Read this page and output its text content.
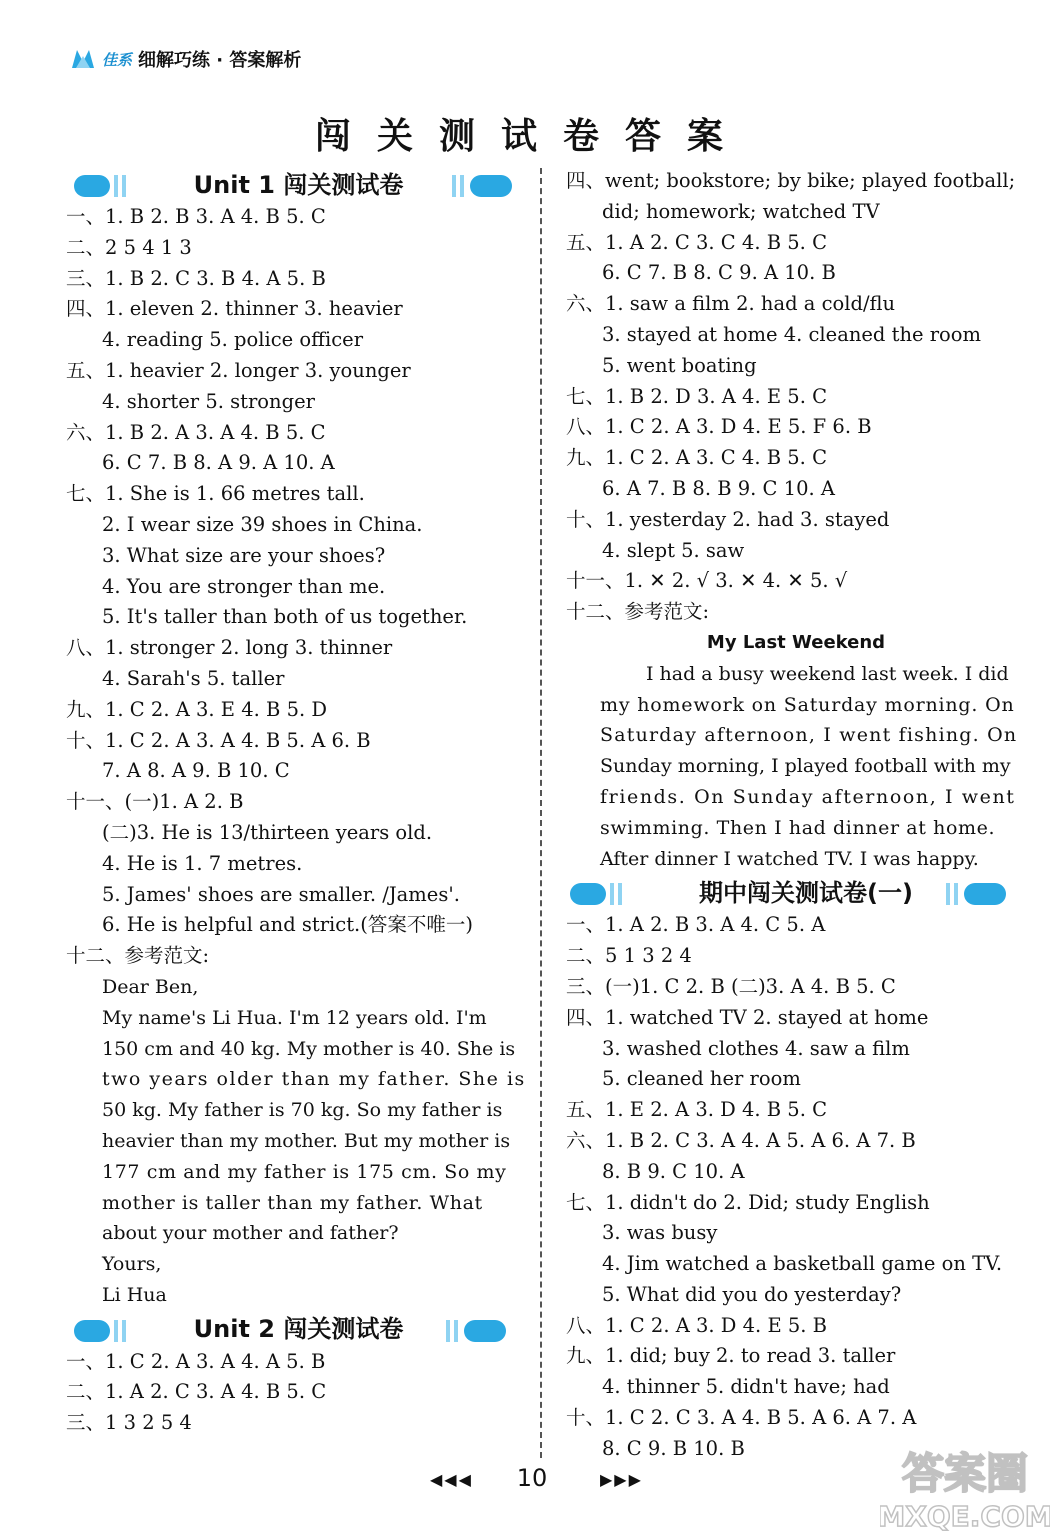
佳系 细解巧练 · 答案解析
闯关测试卷答案
Unit 1 闯关测试卷
一、1. B 2. B 3. A 4. B 5. C
二、2 5 4 1 3
三、1. B 2. C 3. B 4. A 5. B
四、1. eleven 2. thinner 3. heavier
4. reading 5. police officer
五、1. heavier 2. longer 3. younger
4. shorter 5. stronger
六、1. B 2. A 3. A 4. B 5. C
6. C 7. B 8. A 9. A 10. A
七、1. She is 1. 66 metres tall.
2. I wear size 39 shoes in China.
3. What size are your shoes?
4. You are stronger than me.
5. It's taller than both of us together.
八、1. stronger 2. long 3. thinner
4. Sarah's 5. taller
九、1. C 2. A 3. E 4. B 5. D
十、1. C 2. A 3. A 4. B 5. A 6. B
7. A 8. A 9. B 10. C
十一、(一)1. A 2. B
(二)3. He is 13/thirteen years old.
4. He is 1. 7 metres.
5. James' shoes are smaller. /James'.
6. He is helpful and strict.(答案不唯一)
十二、参考范文:
Dear Ben,
My name's Li Hua. I'm 12 years old. I'm
150 cm and 40 kg. My mother is 40. She is
two years older than my father. She is
50 kg. My father is 70 kg. So my father is
heavier than my mother. But my mother is
177 cm and my father is 175 cm. So my
mother is taller than my father. What
about your mother and father?
Yours,
Li Hua
Unit 2 闯关测试卷
一、1. C 2. A 3. A 4. A 5. B
二、1. A 2. C 3. A 4. B 5. C
三、1 3 2 5 4
四、went; bookstore; by bike; played football;
did; homework; watched TV
五、1. A 2. C 3. C 4. B 5. C
6. C 7. B 8. C 9. A 10. B
六、1. saw a film 2. had a cold/flu
3. stayed at home 4. cleaned the room
5. went boating
七、1. B 2. D 3. A 4. E 5. C
八、1. C 2. A 3. D 4. E 5. F 6. B
九、1. C 2. A 3. C 4. B 5. C
6. A 7. B 8. B 9. C 10. A
十、1. yesterday 2. had 3. stayed
4. slept 5. saw
十一、1. ✕ 2. √ 3. ✕ 4. ✕ 5. √
十二、参考范文:
My Last Weekend
I had a busy weekend last week. I did
my homework on Saturday morning. On
Saturday afternoon, I went fishing. On
Sunday morning, I played football with my
friends. On Sunday afternoon, I went
swimming. Then I had dinner at home.
After dinner I watched TV. I was happy.
期中闯关测试卷(一)
一、1. A 2. B 3. A 4. C 5. A
二、5 1 3 2 4
三、(一)1. C 2. B (二)3. A 4. B 5. C
四、1. watched TV 2. stayed at home
3. washed clothes 4. saw a film
5. cleaned her room
五、1. E 2. A 3. D 4. B 5. C
六、1. B 2. C 3. A 4. A 5. A 6. A 7. B
8. B 9. C 10. A
七、1. didn't do 2. Did; study English
3. was busy
4. Jim watched a basketball game on TV.
5. What did you do yesterday?
八、1. C 2. A 3. D 4. E 5. B
九、1. did; buy 2. to read 3. taller
4. thinner 5. didn't have; had
十、1. C 2. C 3. A 4. B 5. A 6. A 7. A
8. C 9. B 10. B
◀◀◀	10	▶▶▶	答案圈
MXQE.COM
